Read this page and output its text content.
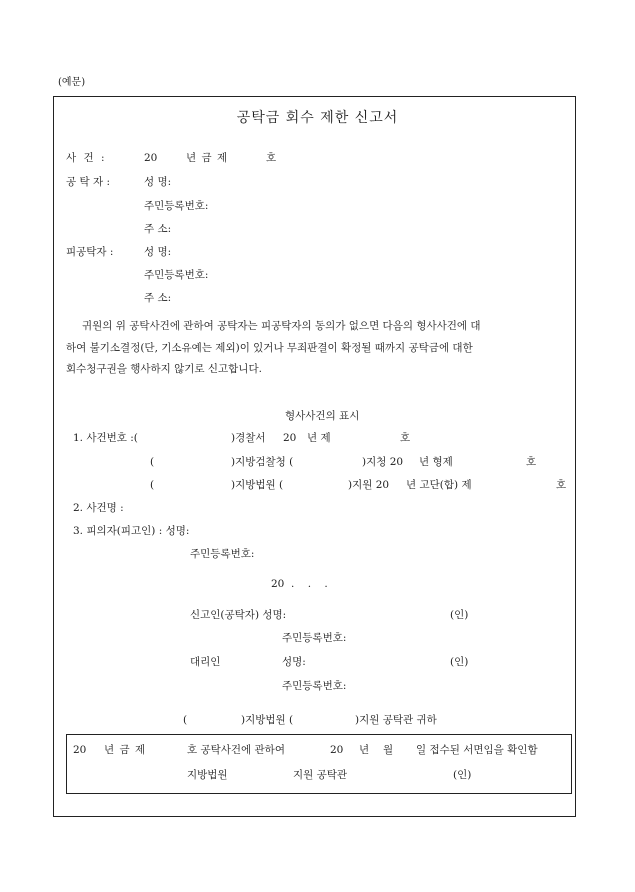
(예문)
공탁금 회수 제한 신고서
사 건 :	20	년 금 제	호
공 탁 자 :	성 명:
주민등록번호:
주 소:
피공탁자 :	성 명:
주민등록번호:
주 소:
귀원의 위 공탁사건에 관하여 공탁자는 피공탁자의 동의가 없으면 다음의 형사사건에 대
하여 불기소결정(단, 기소유예는 제외)이 있거나 무죄판결이 확정될 때까지 공탁금에 대한
회수청구권을 행사하지 않기로 신고합니다.
형사사건의 표시
1. 사건번호 :(	)경찰서 20 년 제	호
(	)지방검찰청 (	)지청 20 년 형제	호
(	)지방법원 (	)지원 20 년 고단(합) 제	호
2. 사건명 :
3. 피의자(피고인) : 성명:
주민등록번호:
20  .    .    .
신고인(공탁자) 성명:	(인)
주민등록번호:
대리인	성명:	(인)
주민등록번호:
(	)지방법원 (	)지원 공탁관 귀하
20 년 금 제	호 공탁사건에 관하여	20 년 월 일 접수된 서면임을 확인함
지방법원	지원 공탁관	(인)
